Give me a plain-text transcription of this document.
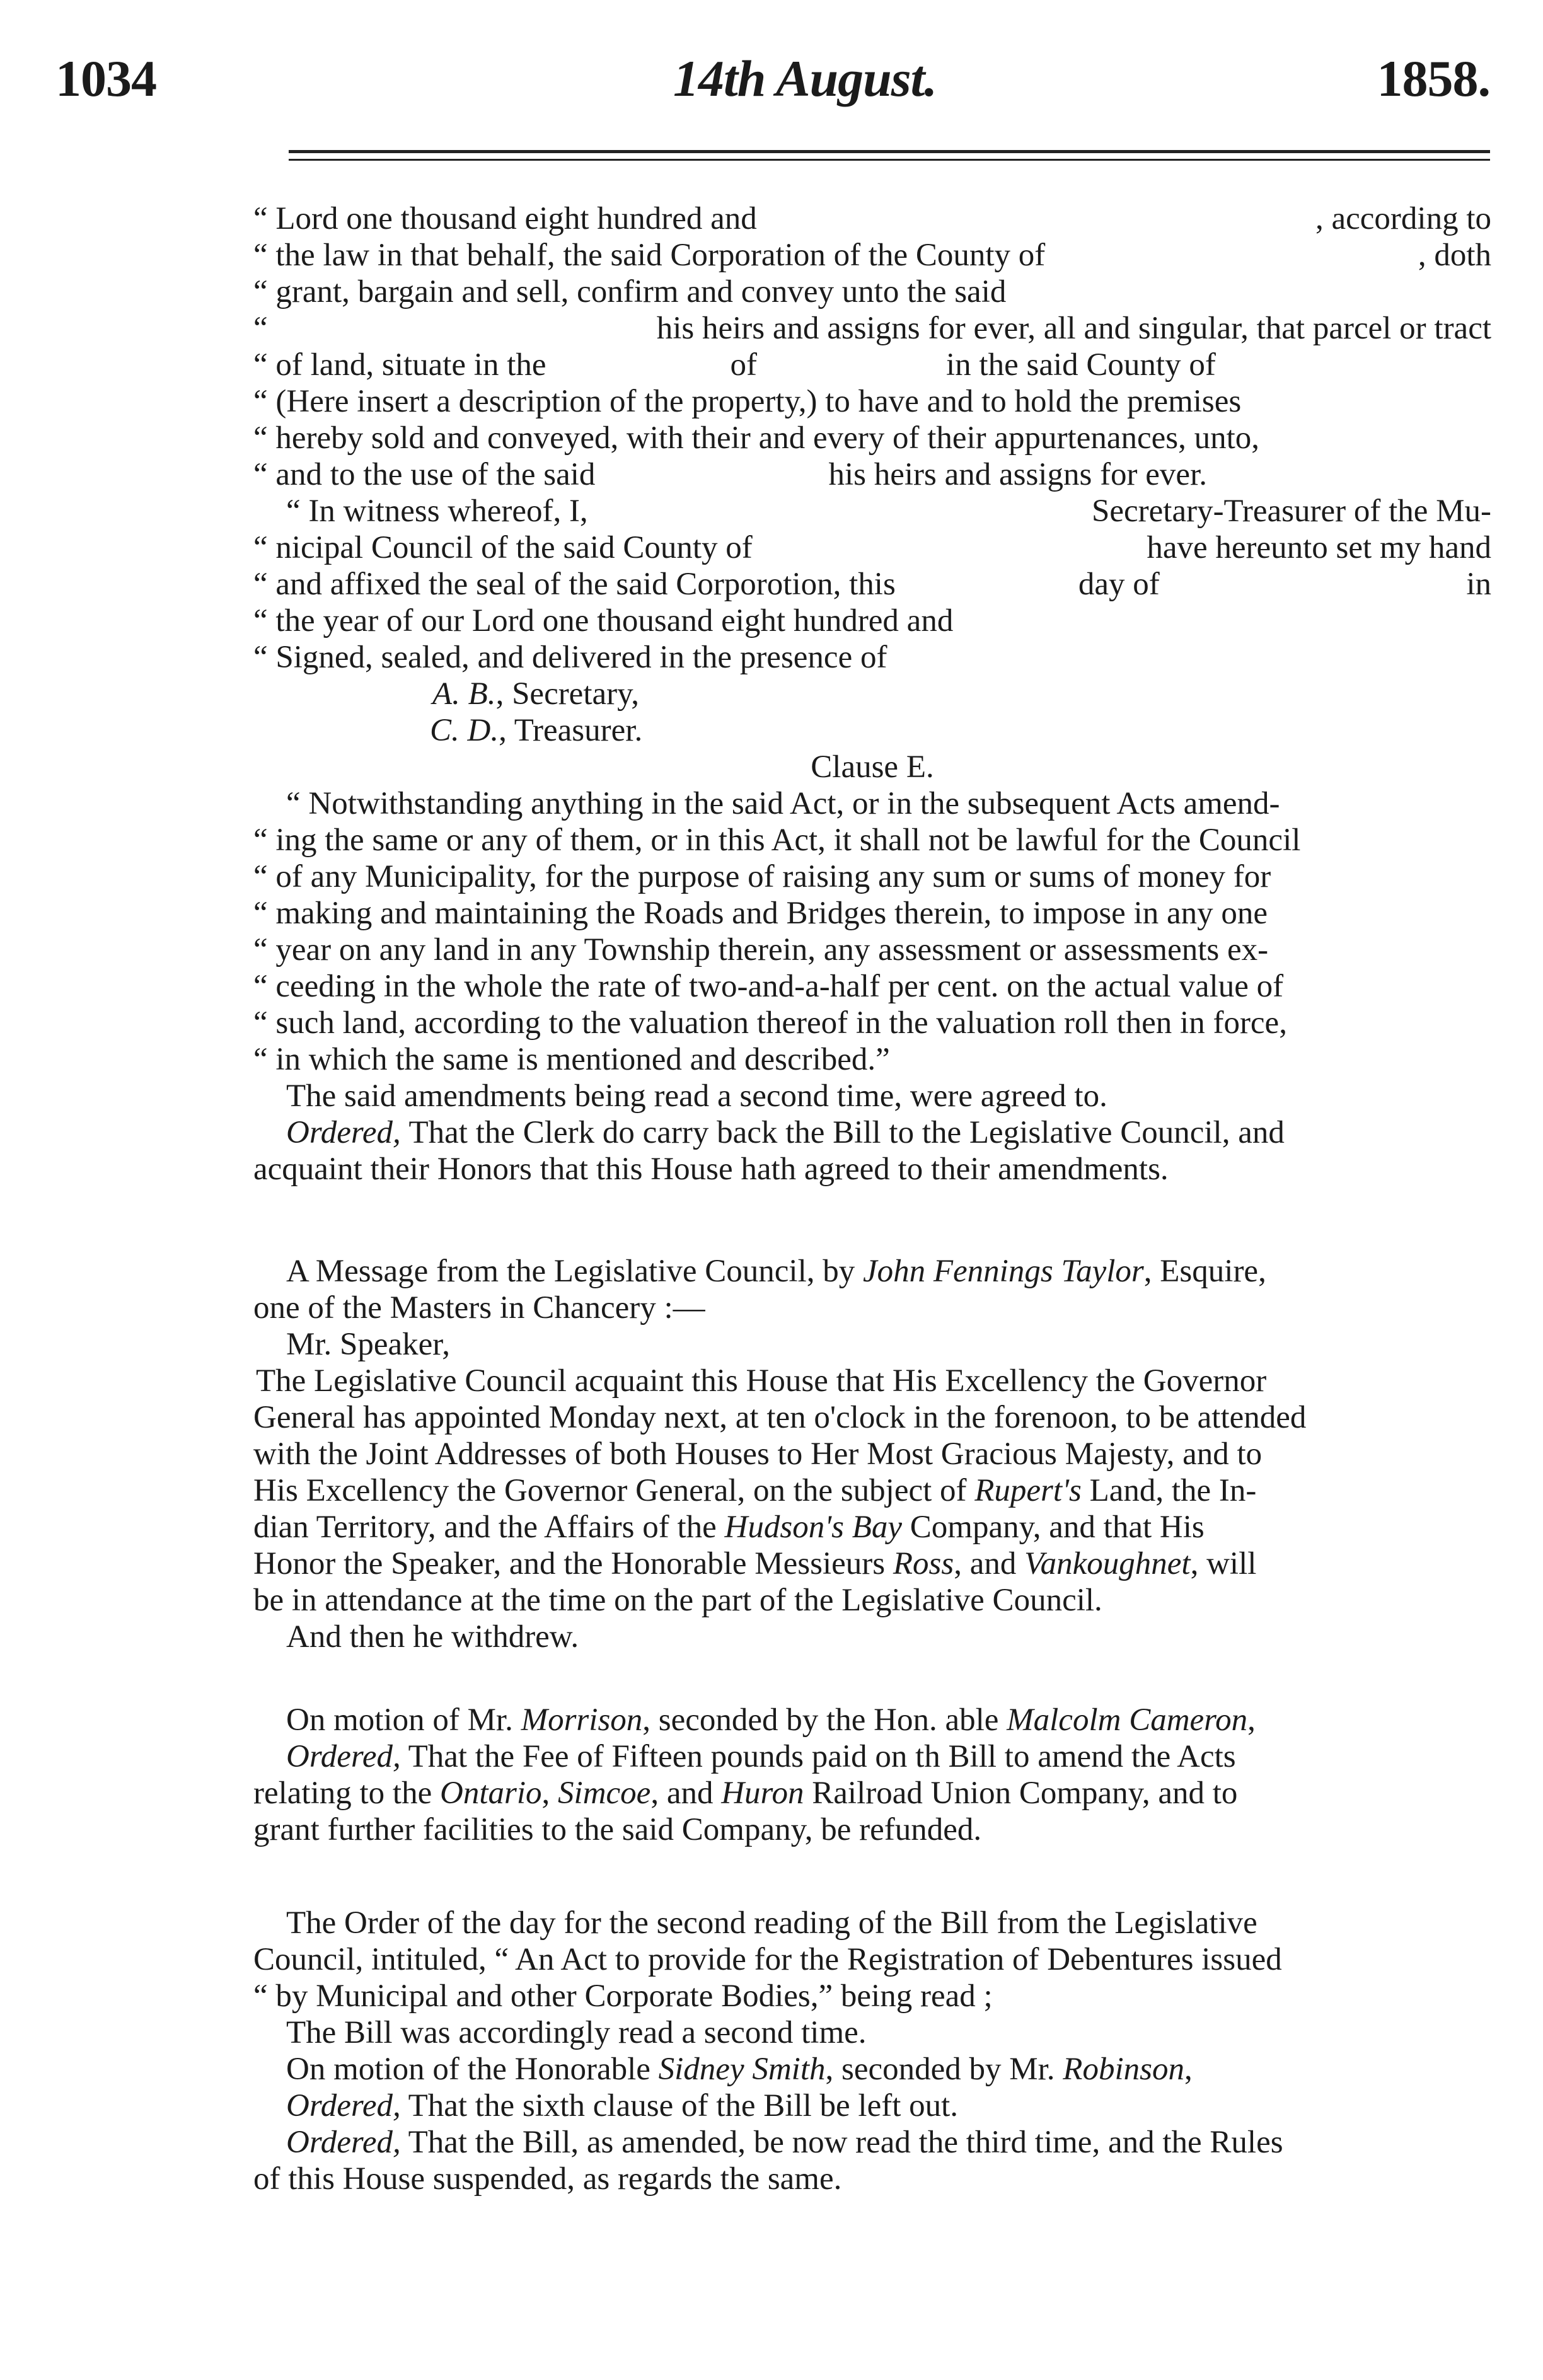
1034	14th August.	1858.
“ Lord one thousand eight hundred and	, according to
“ the law in that behalf, the said Corporation of the County of	, doth
“ grant, bargain and sell, confirm and convey unto the said
“	his heirs and assigns for ever, all and singular, that parcel or tract
“ of land, situate in the	of	in the said County of
“ (Here insert a description of the property,) to have and to hold the premises
“ hereby sold and conveyed, with their and every of their appurtenances, unto,
“ and to the use of the said	his heirs and assigns for ever.
“ In witness whereof, I,	Secretary-Treasurer of the Mu-
“ nicipal Council of the said County of	have hereunto set my hand
“ and affixed the seal of the said Corporotion, this	day of	in
“ the year of our Lord one thousand eight hundred and
“ Signed, sealed, and delivered in the presence of
A. B. , Secretary,
C. D. , Treasurer.
Clause E.
“ Notwithstanding anything in the said Act, or in the subsequent Acts amend-
“ ing the same or any of them, or in this Act, it shall not be lawful for the Council
“ of any Municipality, for the purpose of raising any sum or sums of money for
“ making and maintaining the Roads and Bridges therein, to impose in any one
“ year on any land in any Township therein, any assessment or assessments ex-
“ ceeding in the whole the rate of two-and-a-half per cent. on the actual value of
“ such land, according to the valuation thereof in the valuation roll then in force,
“ in which the same is mentioned and described.”
The said amendments being read a second time, were agreed to.
Ordered,
That the Clerk do carry back the Bill to the Legislative Council, and
acquaint their Honors that this House hath agreed to their amendments.
A Message from the Legislative Council, by John Fennings Taylor , Esquire,
one of the Masters in Chancery :—
Mr. Speaker,
The Legislative Council acquaint this House that His Excellency the Governor
General has appointed Monday next, at ten o'clock in the forenoon, to be attended
with the Joint Addresses of both Houses to Her Most Gracious Majesty, and to
His Excellency the Governor General, on the subject of Rupert's Land, the In-
dian Territory, and the Affairs of the Hudson's Bay Company, and that His
Honor the Speaker, and the Honorable Messieurs Ross , and Vankoughnet , will
be in attendance at the time on the part of the Legislative Council.
And then he withdrew.
On motion of Mr. Morrison , seconded by the Hon. able Malcolm Cameron ,
Ordered, That the Fee of Fifteen pounds paid on th Bill to amend the Acts
relating to the Ontario , Simcoe , and Huron Railroad Union Company, and to
grant further facilities to the said Company, be refunded.
The Order of the day for the second reading of the Bill from the Legislative
Council, intituled, “ An Act to provide for the Registration of Debentures issued
“ by Municipal and other Corporate Bodies,” being read ;
The Bill was accordingly read a second time.
On motion of the Honorable Sidney Smith , seconded by Mr. Robinson ,
Ordered, That the sixth clause of the Bill be left out.
Ordered, That the Bill, as amended, be now read the third time, and the Rules
of this House suspended, as regards the same.
